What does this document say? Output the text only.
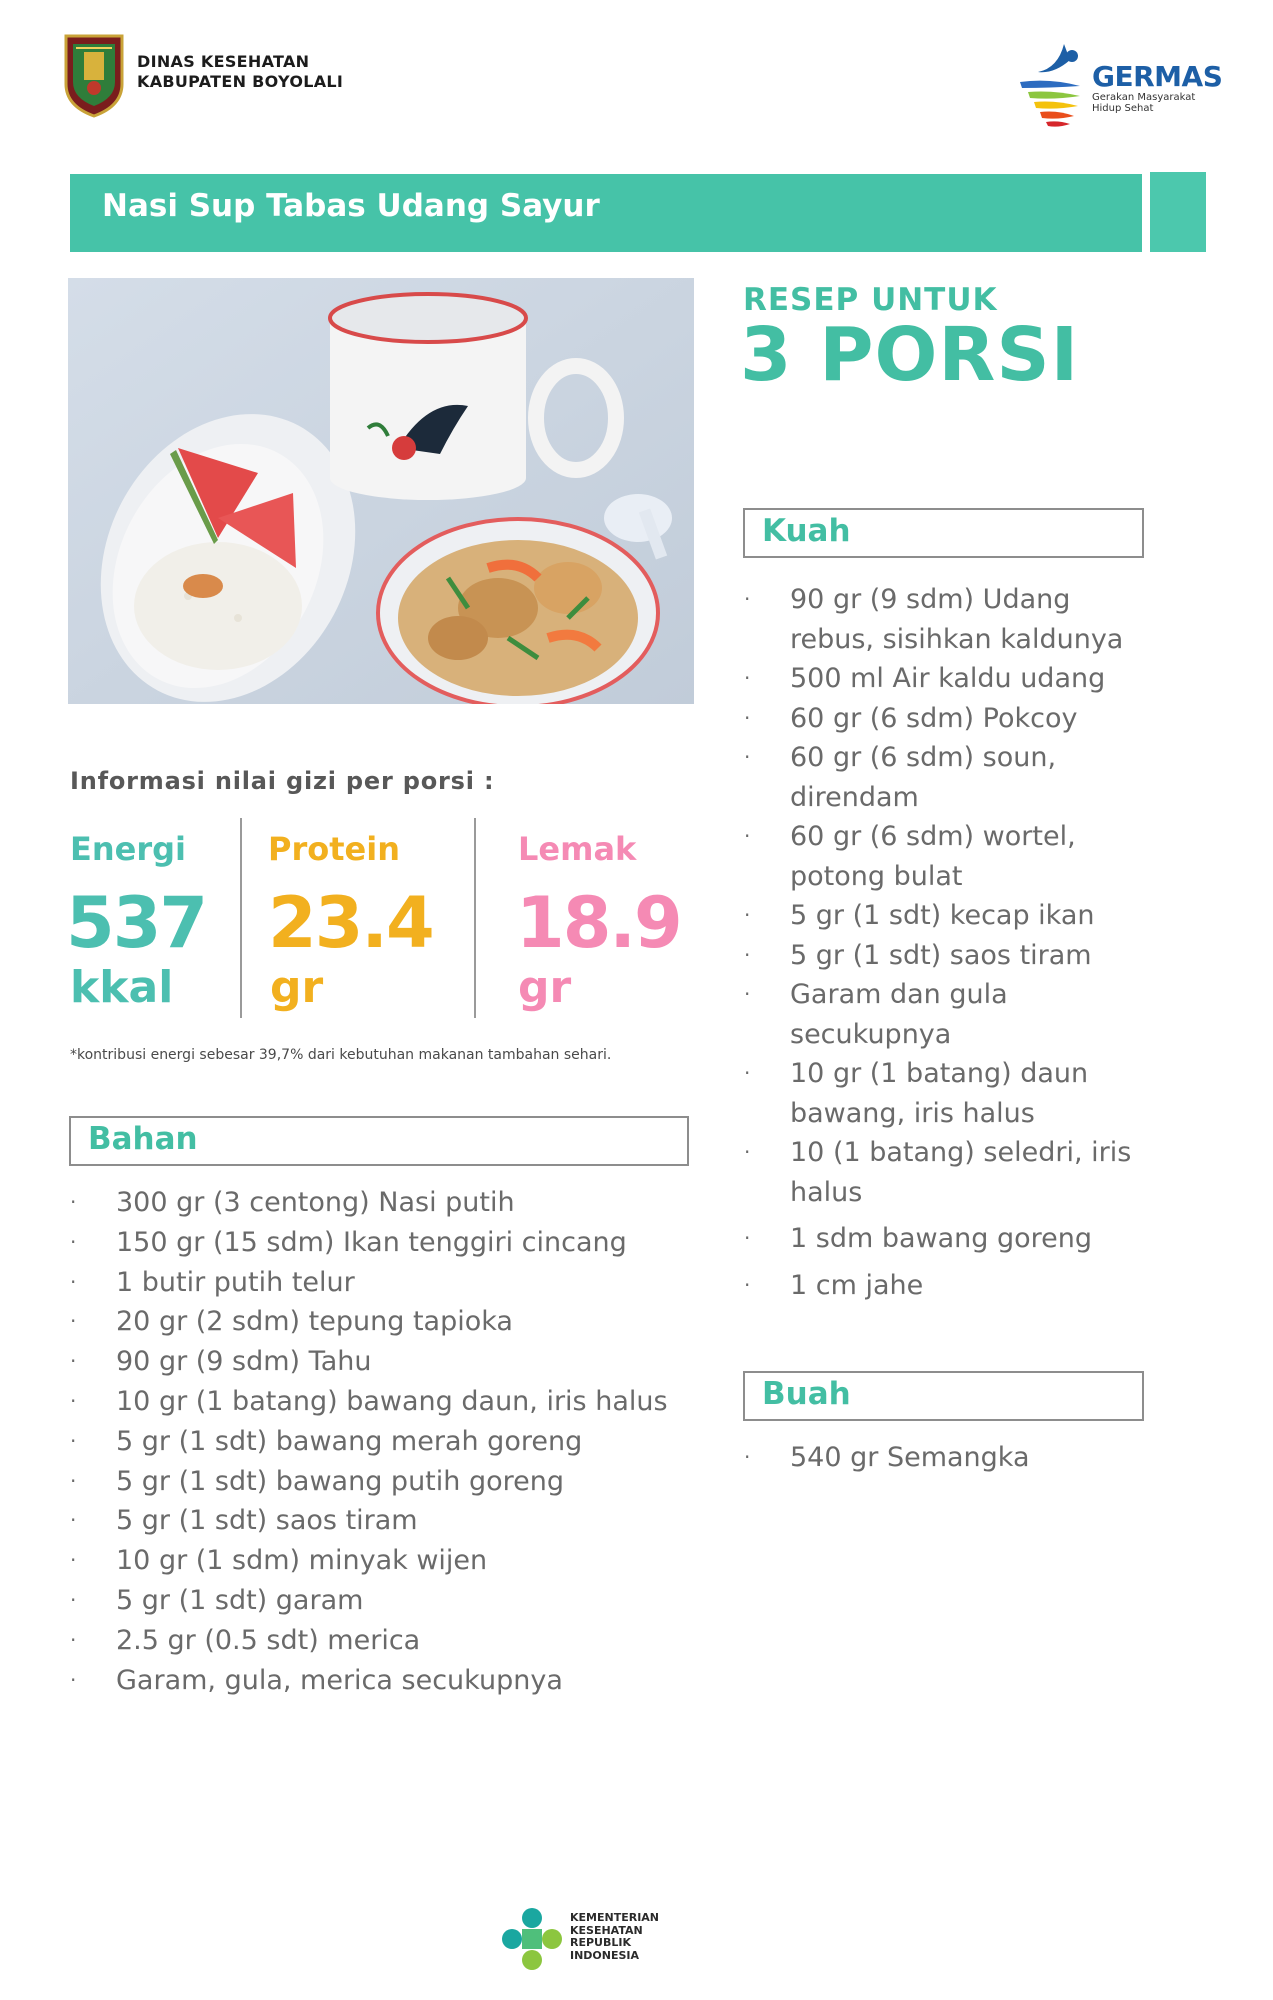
DINAS KESEHATAN
KABUPATEN BOYOLALI	GERMAS
Gerakan Masyarakat
Hidup Sehat
Nasi Sup Tabas Udang Sayur
RESEP UNTUK
3 PORSI
Informasi nilai gizi per porsi :
Energi
537
kkal
Protein
23.4
gr
Lemak
18.9
gr
*kontribusi energi sebesar 39,7% dari kebutuhan makanan tambahan sehari.
Bahan
· 300 gr (3 centong) Nasi putih
· 150 gr (15 sdm) Ikan tenggiri cincang
· 1 butir putih telur
· 20 gr (2 sdm) tepung tapioka
· 90 gr (9 sdm) Tahu
· 10 gr (1 batang) bawang daun, iris halus
· 5 gr (1 sdt) bawang merah goreng
· 5 gr (1 sdt) bawang putih goreng
· 5 gr (1 sdt) saos tiram
· 10 gr (1 sdm) minyak wijen
· 5 gr (1 sdt) garam
· 2.5 gr (0.5 sdt) merica
· Garam, gula, merica secukupnya
Kuah
· 90 gr (9 sdm) Udang
rebus, sisihkan kaldunya
· 500 ml Air kaldu udang
· 60 gr (6 sdm) Pokcoy
· 60 gr (6 sdm) soun,
direndam
· 60 gr (6 sdm) wortel,
potong bulat
· 5 gr (1 sdt) kecap ikan
· 5 gr (1 sdt) saos tiram
· Garam dan gula
secukupnya
· 10 gr (1 batang) daun
bawang, iris halus
· 10 (1 batang) seledri, iris
halus
· 1 sdm bawang goreng
· 1 cm jahe
Buah
· 540 gr Semangka
KEMENTERIAN
KESEHATAN
REPUBLIK
INDONESIA
